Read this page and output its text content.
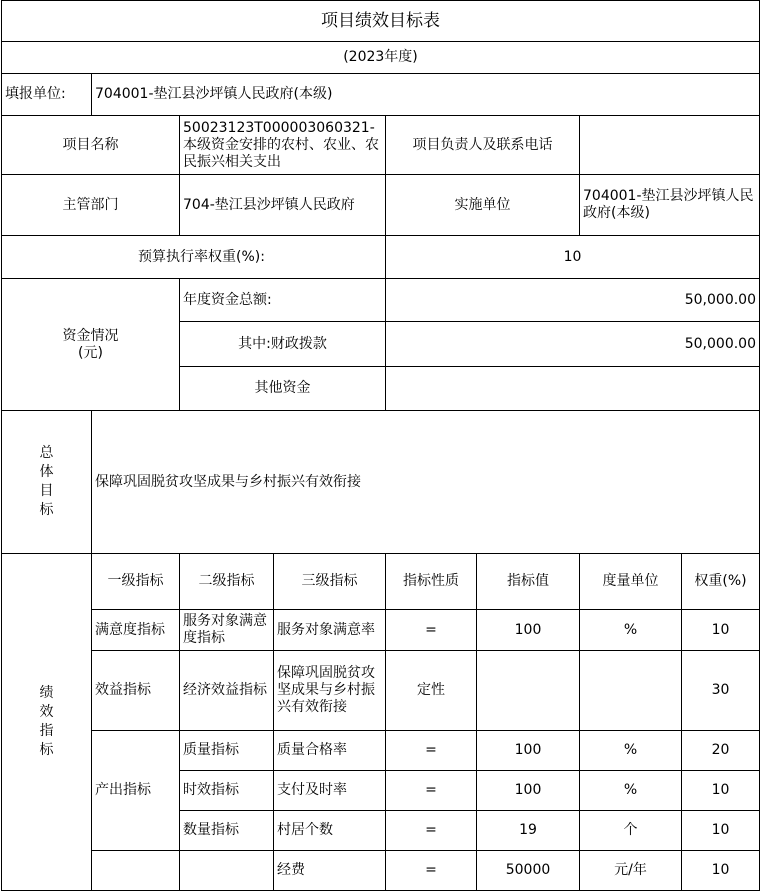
项目绩效目标表							
(2023年度)							
填报单位:	704001-垫江县沙坪镇人民政府(本级)						
项目名称		50023123T000003060321-本级资金安排的农村、农业、农民振兴相关支出		项目负责人及联系电话			
主管部门		704-垫江县沙坪镇人民政府		实施单位		704001-垫江县沙坪镇人民政府(本级)	
预算执行率权重(%):				10			

资金情况
(元)		年度资金总额:		50,000.00			
		其中:财政拨款		50,000.00			
		其他资金					

总
体
目
标	保障巩固脱贫攻坚成果与乡村振兴有效衔接						

绩
效
指
标	一级指标	二级指标	三级指标	指标性质	指标值	度量单位	权重(%)
	满意度指标	服务对象满意度指标	服务对象满意率	=	100	%	10
	效益指标	经济效益指标	保障巩固脱贫攻坚成果与乡村振兴有效衔接	定性			30
	产出指标	质量指标	质量合格率	=	100	%	20
		时效指标	支付及时率	=	100	%	10
		数量指标	村居个数	=	19	个	10
			经费	=	50000	元/年	10
